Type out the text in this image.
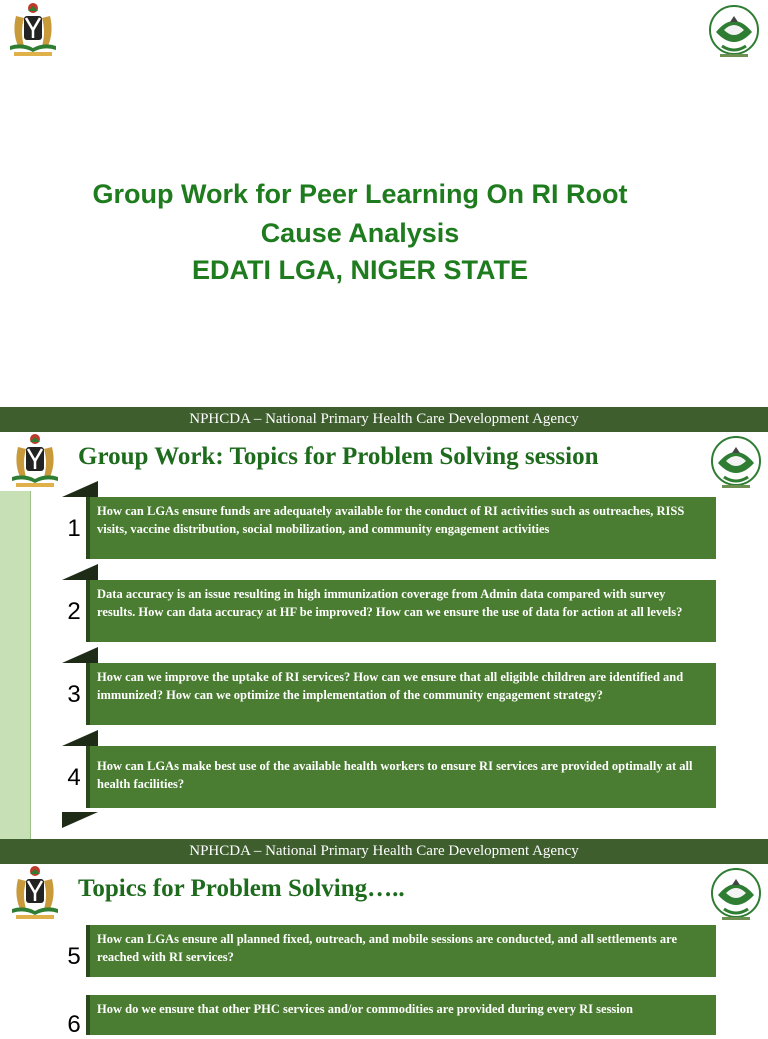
Group Work for Peer Learning On RI Root
Cause Analysis
EDATI LGA, NIGER STATE
NPHCDA – National Primary Health Care Development Agency
Group Work: Topics for Problem Solving session
1
How can LGAs ensure funds are adequately available for the conduct of RI activities such as outreaches, RISS visits, vaccine distribution, social mobilization, and community engagement activities
2
Data accuracy is an issue resulting in high immunization coverage from Admin data compared with survey results. How can data accuracy at HF be improved? How can we ensure the use of data for action at all levels?
3
How can we improve the uptake of RI services? How can we ensure that all eligible children are identified and immunized? How can we optimize the implementation of the community engagement strategy?
4	How can LGAs make best use of the available health workers to ensure RI services are provided optimally at all health facilities?
NPHCDA – National Primary Health Care Development Agency
Topics for Problem Solving…..
5
How can LGAs ensure all planned fixed, outreach, and mobile sessions are conducted, and all settlements are reached with RI services?
6
How do we ensure that other PHC services and/or commodities are provided during every RI session
